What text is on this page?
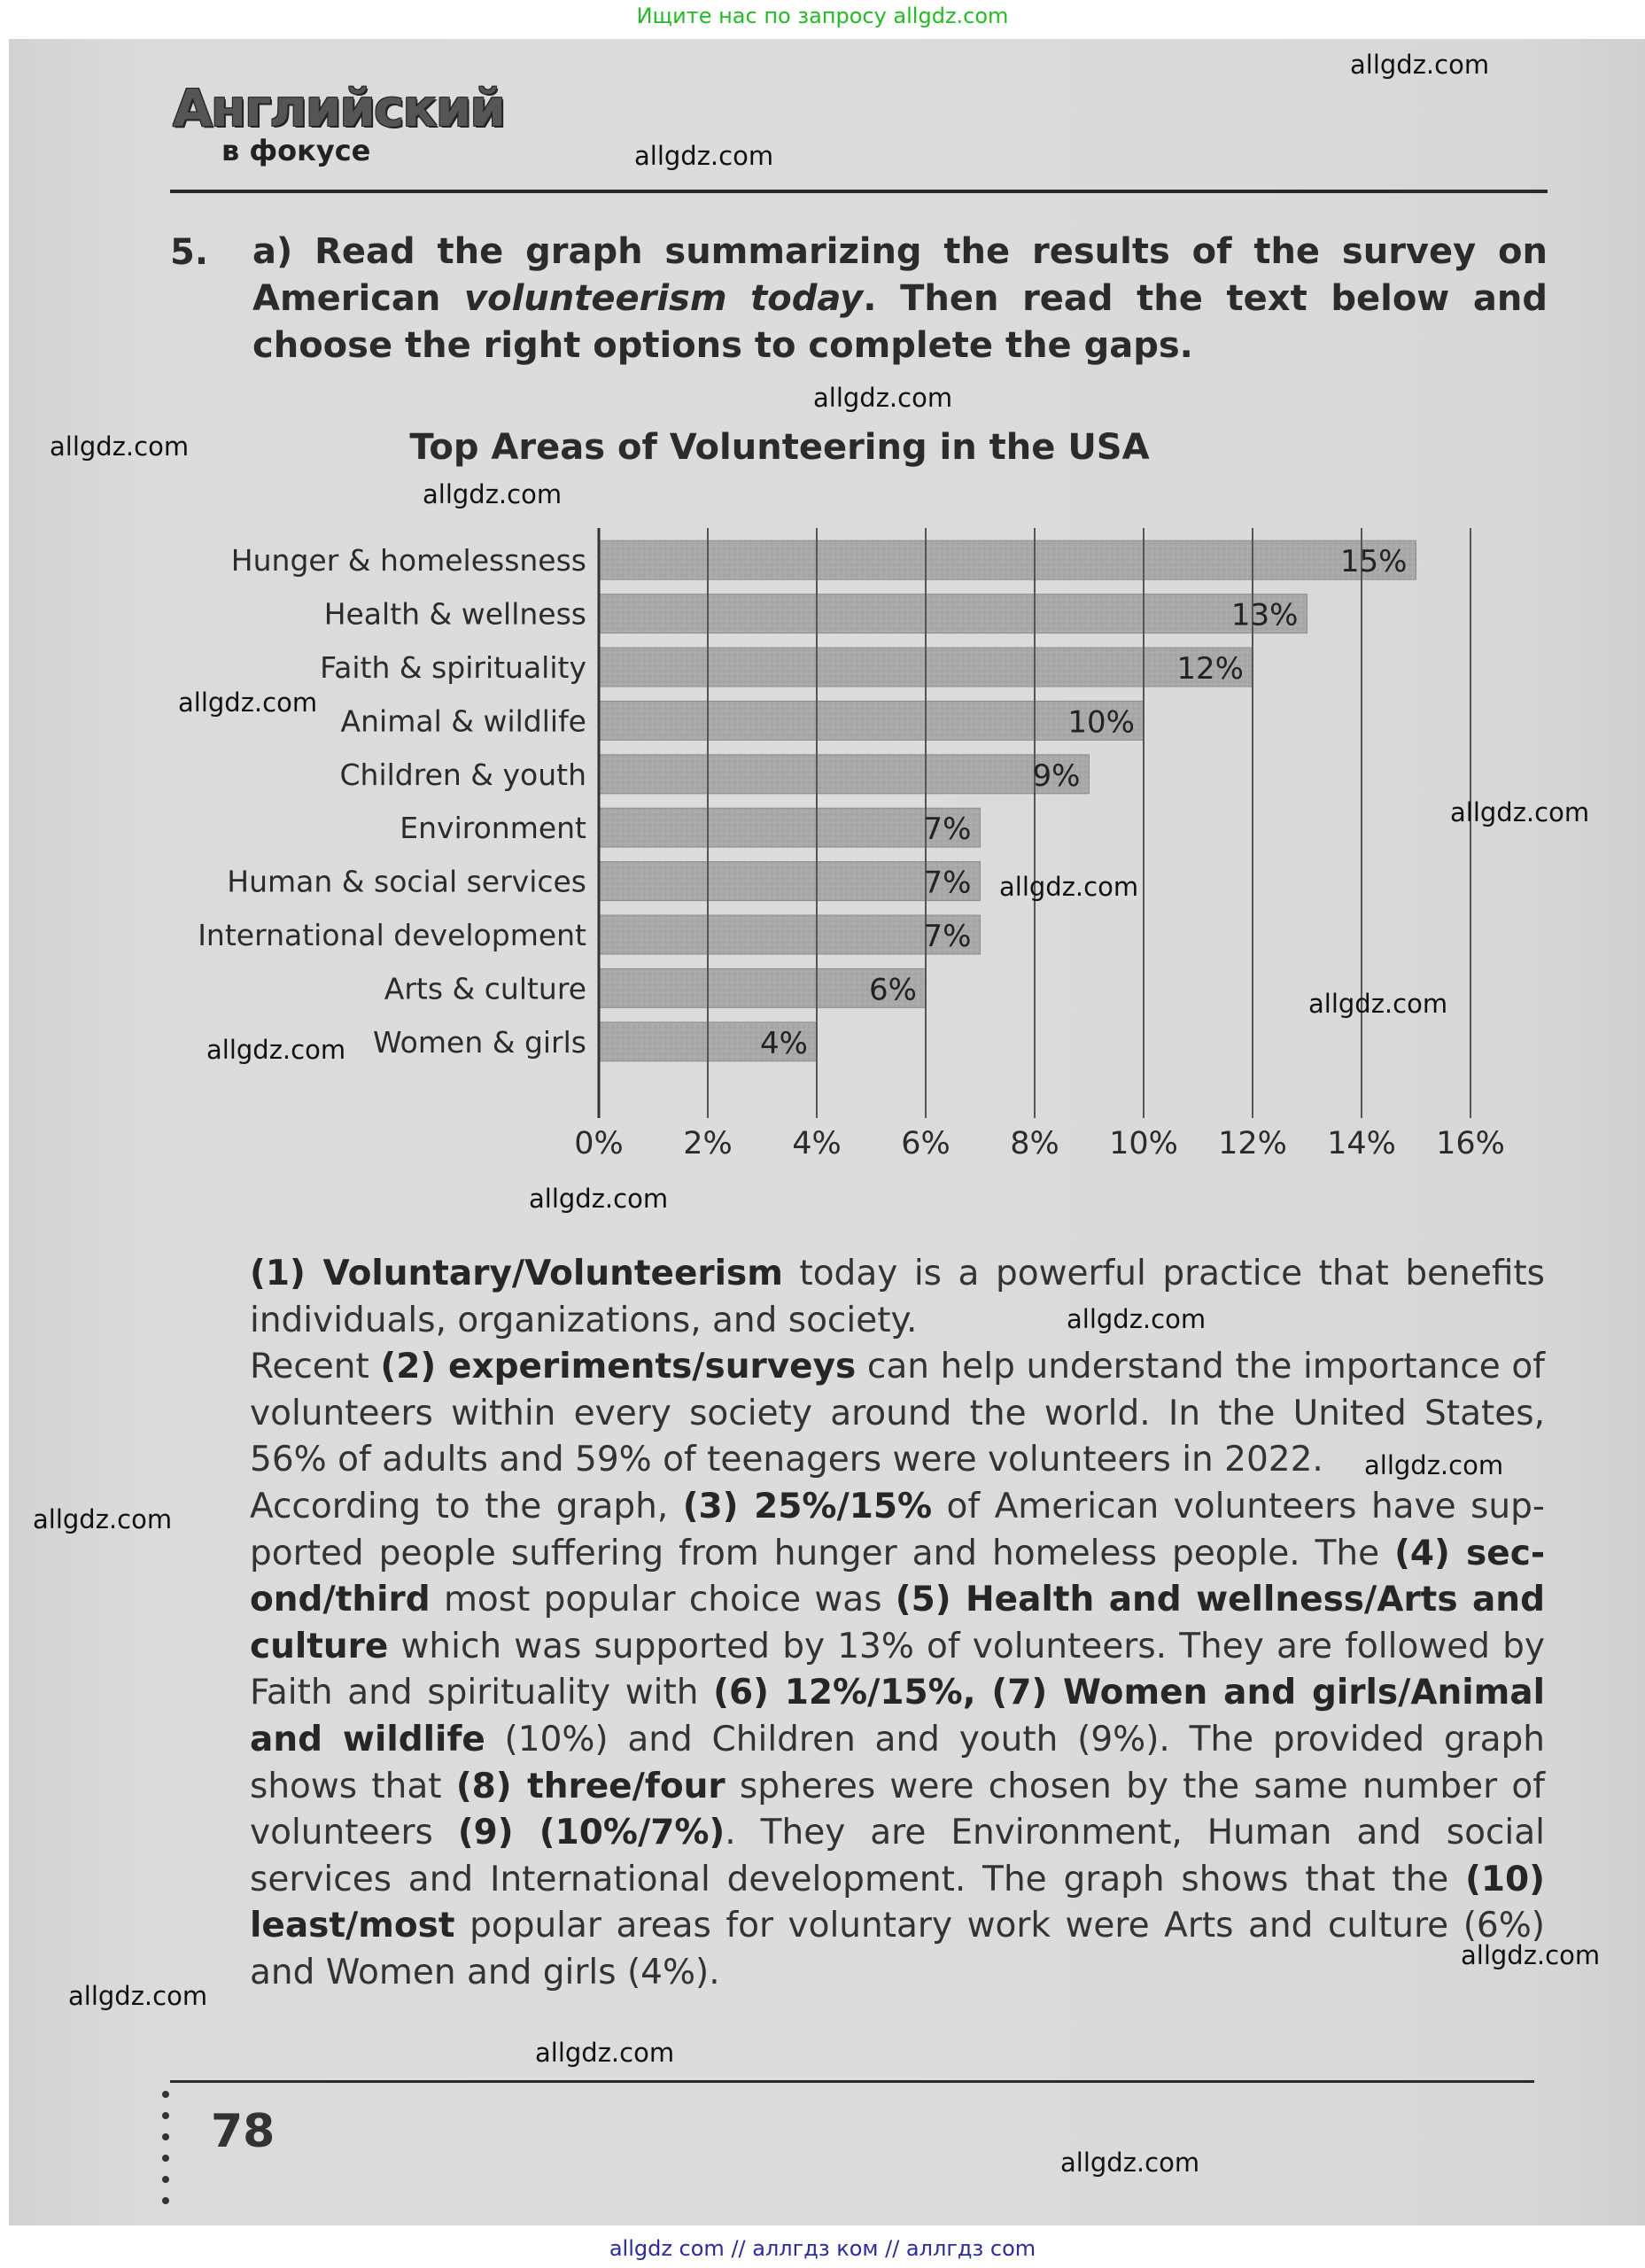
Ищите нас по запросу allgdz.com
Английский
в фокусе
5. a) Read the graph summarizing the results of the survey on American volunteerism today. Then read the text below and choose the right options to complete the gaps.
Top Areas of Volunteering in the USA
0% 2% 4% 6% 8% 10% 12% 14% 16%
Hunger & homelessness	15%
Health & wellness	13%
Faith & spirituality	12%
Animal & wildlife	10%
Children & youth	9%
Environment	7%
Human & social services	7%
International development	7%
Arts & culture	6%
Women & girls	4%
(1) Voluntary/Volunteerism today is a powerful practice that benefits individuals, organizations, and society.
Recent (2) experiments/surveys can help understand the importance of volunteers within every society around the world. In the United States, 56% of adults and 59% of teenagers were volunteers in 2022.
According to the graph, (3) 25%/15% of American volunteers have supported people suffering from hunger and homeless people. The (4) second/third most popular choice was (5) Health and wellness/Arts and culture which was supported by 13% of volunteers. They are followed by Faith and spirituality with (6) 12%/15%, (7) Women and girls/Animal and wildlife (10%) and Children and youth (9%). The provided graph shows that (8) three/four spheres were chosen by the same number of volunteers (9) (10%/7%). They are Environment, Human and social services and International development. The graph shows that the (10) least/most popular areas for voluntary work were Arts and culture (6%) and Women and girls (4%).
78
allgdz.com
allgdz.com
allgdz.com
allgdz.com
allgdz.com
allgdz.com
allgdz.com
allgdz.com
allgdz.com
allgdz.com
allgdz.com
allgdz.com
allgdz.com
allgdz.com
allgdz.com
allgdz.com
allgdz.com
allgdz.com
allgdz com // аллгдз ком // аллгдз com
